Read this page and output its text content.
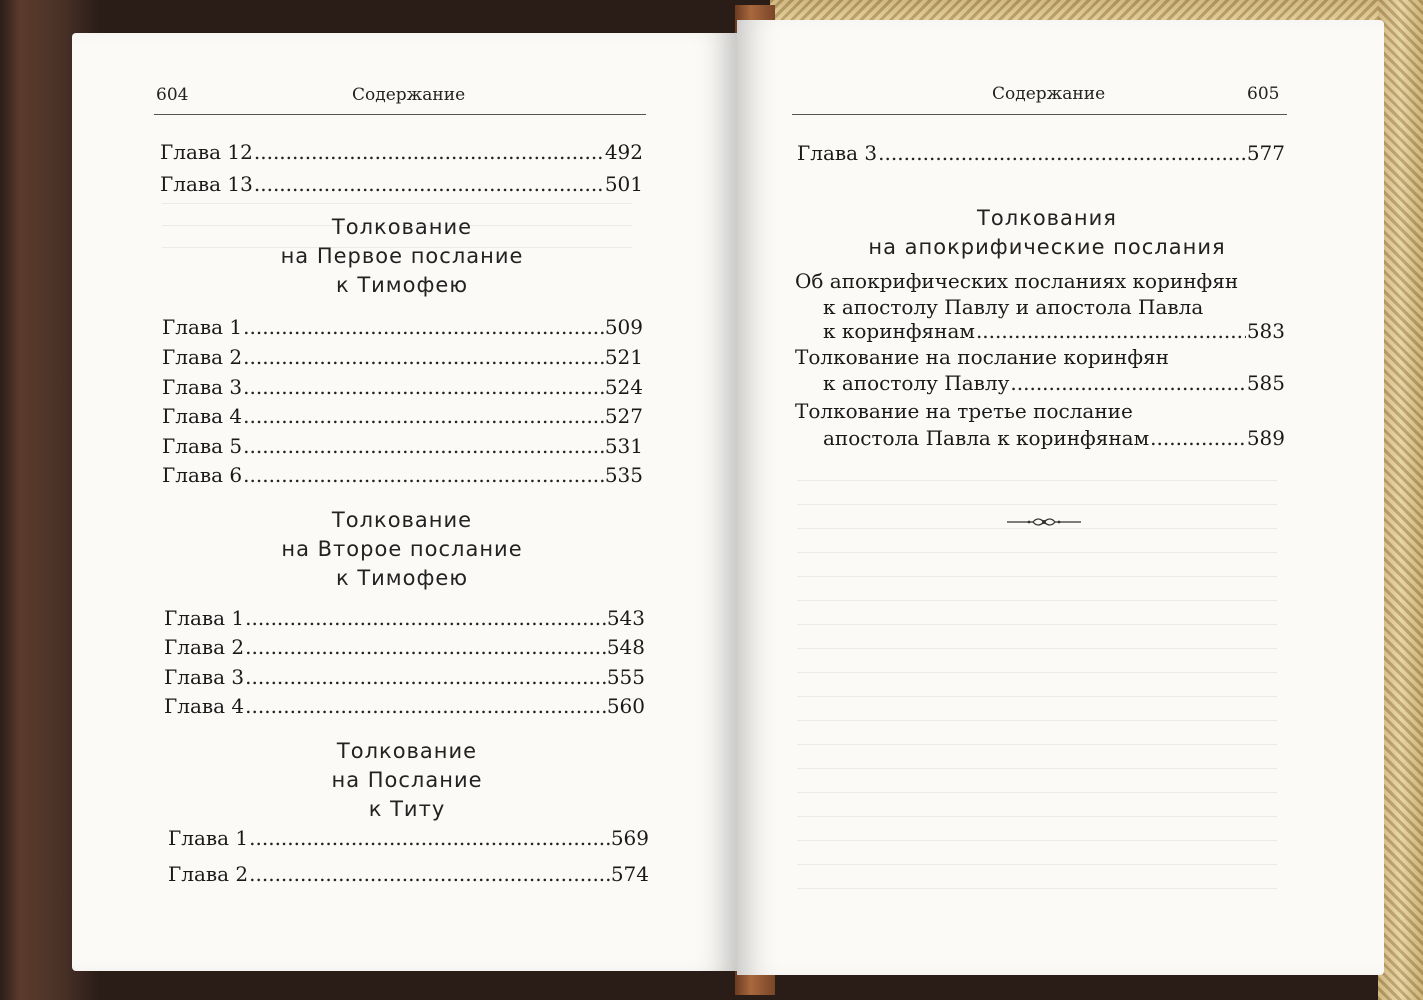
604	Содержание
Глава 12 .....	492
Глава 13 .....	501
Толкование
на Первое послание
к Тимофею
Глава 1 .....	509
Глава 2 .....	521
Глава 3 .....	524
Глава 4 .....	527
Глава 5 .....	531
Глава 6 .....	535
Толкование
на Второе послание
к Тимофею
Глава 1 .....	543
Глава 2 .....	548
Глава 3 .....	555
Глава 4 .....	560
Толкование
на Послание
к Титу
Глава 1 .....	569
Глава 2 .....	574
Содержание	605
Глава 3 .....	577
Толкования
на апокрифические послания
Об апокрифических посланиях коринфян
к апостолу Павлу и апостола Павла
к коринфянам .....	583
Толкование на послание коринфян
к апостолу Павлу .....	585
Толкование на третье послание
апостола Павла к коринфянам .....	589
